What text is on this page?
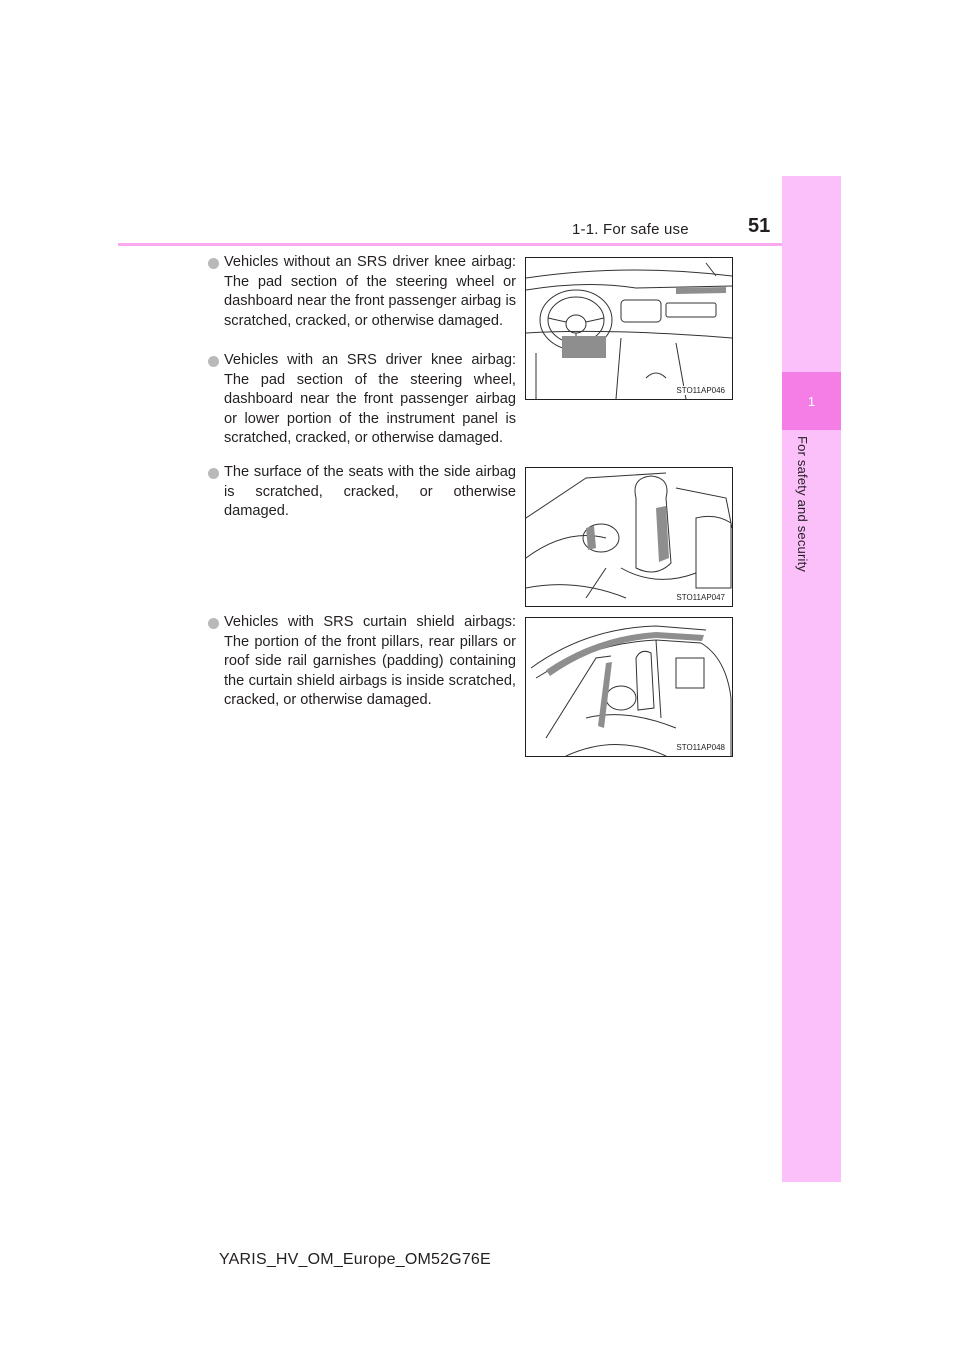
1-1. For safe use	51
1
For safety and security
Vehicles without an SRS driver knee airbag: The pad section of the steering wheel or dashboard near the front passenger airbag is scratched, cracked, or otherwise damaged.
Vehicles with an SRS driver knee airbag: The pad section of the steering wheel, dashboard near the front passenger airbag or lower portion of the instrument panel is scratched, cracked, or otherwise damaged.
The surface of the seats with the side airbag is scratched, cracked, or otherwise damaged.
Vehicles with SRS curtain shield airbags: The portion of the front pillars, rear pillars or roof side rail garnishes (padding) containing the curtain shield airbags is inside scratched, cracked, or otherwise damaged.
STO11AP046
STO11AP047
STO11AP048
YARIS_HV_OM_Europe_OM52G76E
